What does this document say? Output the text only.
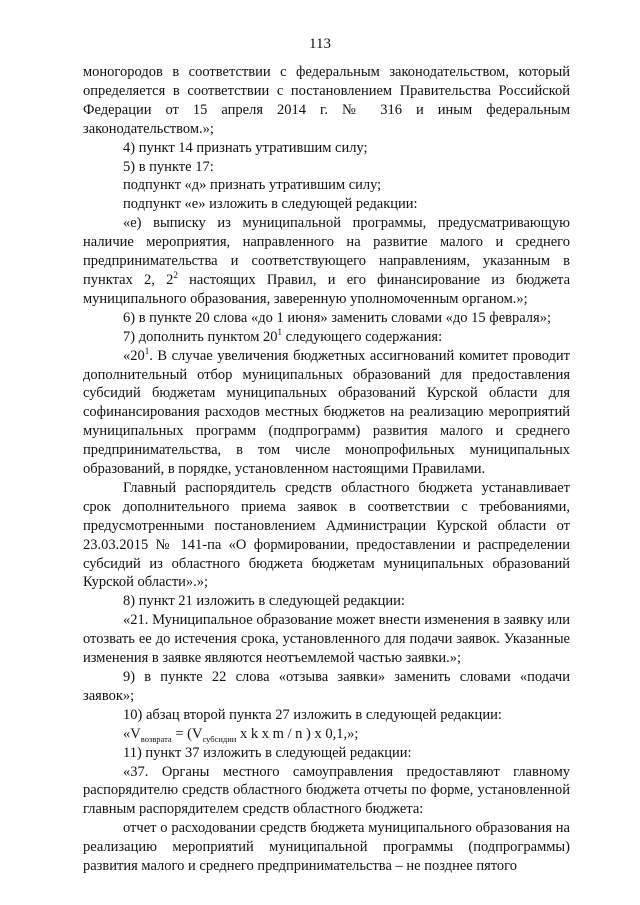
113

моногородов в соответствии с федеральным законодательством, который определяется в соответствии с постановлением Правительства Российской Федерации от 15 апреля 2014 г. № 316 и иным федеральным законодательством.»;

4) пункт 14 признать утратившим силу;

5) в пункте 17:

подпункт «д» признать утратившим силу;

подпункт «е» изложить в следующей редакции:

«е) выписку из муниципальной программы, предусматривающую наличие мероприятия, направленного на развитие малого и среднего предпринимательства и соответствующего направлениям, указанным в пунктах 2, $2^2$ настоящих Правил, и его финансирование из бюджета муниципального образования, заверенную уполномоченным органом.»;

6) в пункте 20 слова «до 1 июня» заменить словами «до 15 февраля»;

7) дополнить пунктом $20^1$ следующего содержания:

«$20^1$. В случае увеличения бюджетных ассигнований комитет проводит дополнительный отбор муниципальных образований для предоставления субсидий бюджетам муниципальных образований Курской области для софинансирования расходов местных бюджетов на реализацию мероприятий муниципальных программ (подпрограмм) развития малого и среднего предпринимательства, в том числе монопрофильных муниципальных образований, в порядке, установленном настоящими Правилами.

Главный распорядитель средств областного бюджета устанавливает срок дополнительного приема заявок в соответствии с требованиями, предусмотренными постановлением Администрации Курской области от 23.03.2015 № 141-па «О формировании, предоставлении и распределении субсидий из областного бюджета бюджетам муниципальных образований Курской области».»;

8) пункт 21 изложить в следующей редакции:

«21. Муниципальное образование может внести изменения в заявку или отозвать ее до истечения срока, установленного для подачи заявок. Указанные изменения в заявке являются неотъемлемой частью заявки.»;

9) в пункте 22 слова «отзыва заявки» заменить словами «подачи заявок»;

10) абзац второй пункта 27 изложить в следующей редакции:

«$V_{возврата} = (V_{субсидии}$ x k x m / n ) x 0,1,»;

11) пункт 37 изложить в следующей редакции:

«37. Органы местного самоуправления предоставляют главному распорядителю средств областного бюджета отчеты по форме, установленной главным распорядителем средств областного бюджета:

отчет о расходовании средств бюджета муниципального образования на реализацию мероприятий муниципальной программы (подпрограммы) развития малого и среднего предпринимательства – не позднее пятого
